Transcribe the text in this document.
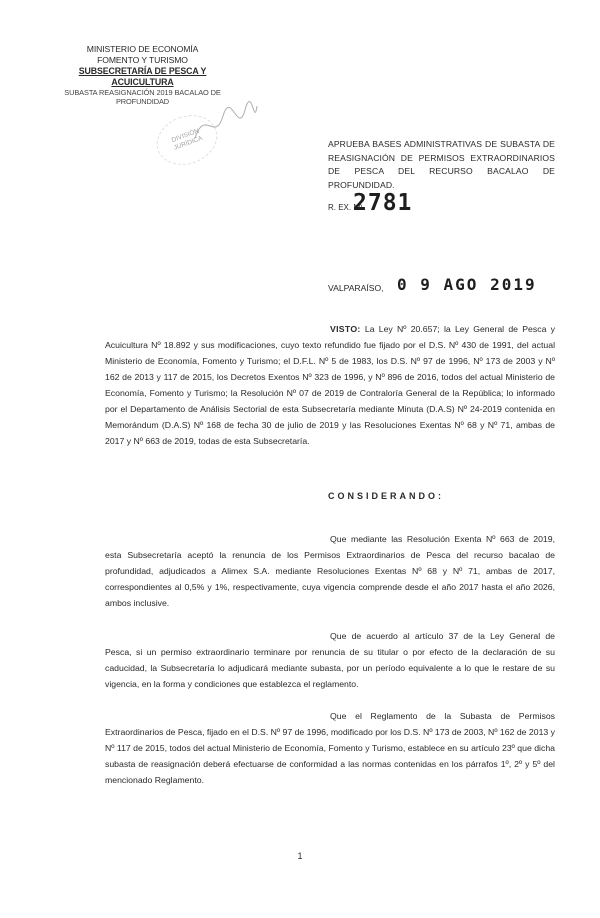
MINISTERIO DE ECONOMÍA
FOMENTO Y TURISMO
SUBSECRETARÍA DE PESCA Y ACUICULTURA
SUBASTA REASIGNACIÓN 2019 BACALAO DE PROFUNDIDAD
DIVISIÓN JURÍDICA	APRUEBA BASES ADMINISTRATIVAS DE SUBASTA DE REASIGNACIÓN DE PERMISOS EXTRAORDINARIOS DE PESCA DEL RECURSO BACALAO DE PROFUNDIDAD.
R. EX. Nº
2781
VALPARAÍSO, 0 9 AGO 2019
VISTO: La Ley Nº 20.657; la Ley General de Pesca y Acuicultura Nº 18.892 y sus modificaciones, cuyo texto refundido fue fijado por el D.S. Nº 430 de 1991, del actual Ministerio de Economía, Fomento y Turismo; el D.F.L. Nº 5 de 1983, los D.S. Nº 97 de 1996, Nº 173 de 2003 y Nº 162 de 2013 y 117 de 2015, los Decretos Exentos Nº 323 de 1996, y Nº 896 de 2016, todos del actual Ministerio de Economía, Fomento y Turismo; la Resolución Nº 07 de 2019 de Contraloría General de la República; lo informado por el Departamento de Análisis Sectorial de esta Subsecretaría mediante Minuta (D.A.S) Nº 24-2019 contenida en Memorándum (D.A.S) Nº 168 de fecha 30 de julio de 2019 y las Resoluciones Exentas Nº 68 y Nº 71, ambas de 2017 y Nº 663 de 2019, todas de esta Subsecretaría.
CONSIDERANDO:
Que mediante las Resolución Exenta Nº 663 de 2019, esta Subsecretaría aceptó la renuncia de los Permisos Extraordinarios de Pesca del recurso bacalao de profundidad, adjudicados a Alimex S.A. mediante Resoluciones Exentas Nº 68 y Nº 71, ambas de 2017, correspondientes al 0,5% y 1%, respectivamente, cuya vigencia comprende desde el año 2017 hasta el año 2026, ambos inclusive.
Que de acuerdo al artículo 37 de la Ley General de Pesca, si un permiso extraordinario terminare por renuncia de su titular o por efecto de la declaración de su caducidad, la Subsecretaría lo adjudicará mediante subasta, por un período equivalente a lo que le restare de su vigencia, en la forma y condiciones que establezca el reglamento.
Que el Reglamento de la Subasta de Permisos Extraordinarios de Pesca, fijado en el D.S. Nº 97 de 1996, modificado por los D.S. Nº 173 de 2003, Nº 162 de 2013 y Nº 117 de 2015, todos del actual Ministerio de Economía, Fomento y Turismo, establece en su artículo 23º que dicha subasta de reasignación deberá efectuarse de conformidad a las normas contenidas en los párrafos 1º, 2º y 5º del mencionado Reglamento.
1
